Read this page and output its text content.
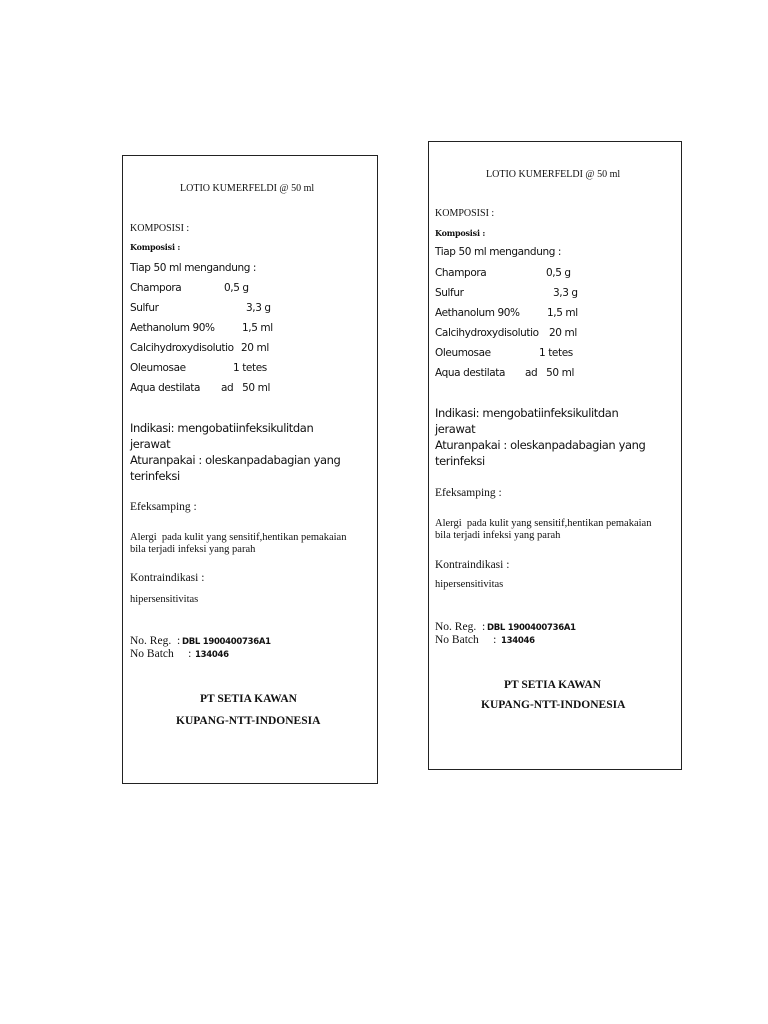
LOTIO KUMERFELDI @ 50 ml
KOMPOSISI :
Komposisi :
Tiap 50 ml mengandung :
Champora	0,5 g
Sulfur	3,3 g
Aethanolum 90%	1,5 ml
Calcihydroxydisolutio 20 ml
Oleumosae	1 tetes
Aqua destilata ad   50 ml
Indikasi: mengobatiinfeksikulitdan
jerawat
Aturanpakai : oleskanpadabagian yang
terinfeksi
Efeksamping :
Alergi  pada kulit yang sensitif,hentikan pemakaian
bila terjadi infeksi yang parah
Kontraindikasi :
hipersensitivitas
No. Reg.  : DBL 1900400736A1
No Batch     : 134046
PT SETIA KAWAN
KUPANG-NTT-INDONESIA
LOTIO KUMERFELDI @ 50 ml
KOMPOSISI :
Komposisi :
Tiap 50 ml mengandung :
Champora	0,5 g
Sulfur	3,3 g
Aethanolum 90%	1,5 ml
Calcihydroxydisolutio 20 ml
Oleumosae	1 tetes
Aqua destilata ad   50 ml
Indikasi: mengobatiinfeksikulitdan
jerawat
Aturanpakai : oleskanpadabagian yang
terinfeksi
Efeksamping :
Alergi  pada kulit yang sensitif,hentikan pemakaian
bila terjadi infeksi yang parah
Kontraindikasi :
hipersensitivitas
No. Reg.  : DBL 1900400736A1
No Batch     : 134046
PT SETIA KAWAN
KUPANG-NTT-INDONESIA
